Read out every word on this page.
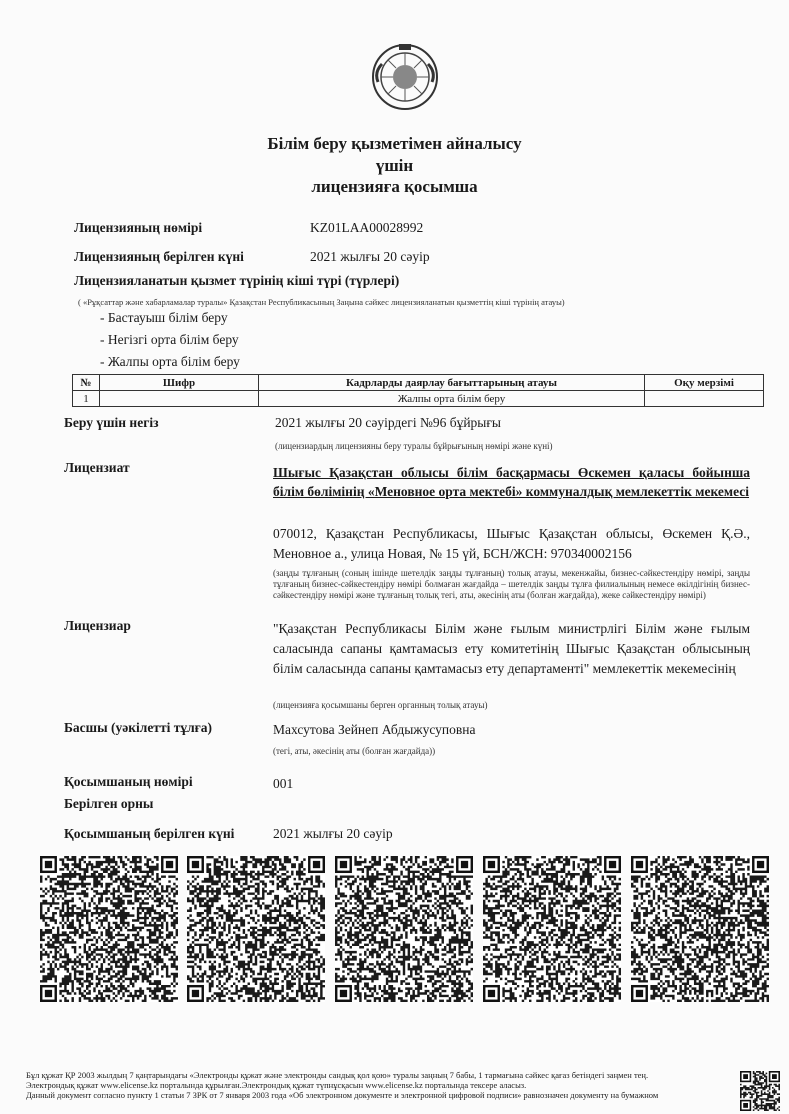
Білім беру қызметімен айналысу
үшін
лицензияға қосымша
Лицензияның нөмірі	KZ01LAA00028992
Лицензияның берілген күні	2021 жылғы 20 сәуір
Лицензияланатын қызмет түрінің кіші түрі (түрлері)
( «Рұқсаттар және хабарламалар туралы» Қазақстан Республикасының Заңына сәйкес лицензияланатын қызметтің кіші түрінің атауы)
- Бастауыш білім беру
- Негізгі орта білім беру
- Жалпы орта білім беру
№	Шифр	Кадрларды даярлау бағыттарының атауы	Оқу мерзімі
1		Жалпы орта білім беру	
Беру үшін негіз	2021 жылғы 20 сәуірдегі №96 бұйрығы
(лицензиардың лицензияны беру туралы бұйрығының нөмірі және күні)
Лицензиат	Шығыс Қазақстан облысы білім басқармасы Өскемен қаласы бойынша білім бөлімінің «Меновное орта мектебі» коммуналдық мемлекеттік мекемесі
070012, Қазақстан Республикасы, Шығыс Қазақстан облысы, Өскемен Қ.Ә., Меновное а., улица Новая, № 15 үй, БСН/ЖСН: 970340002156
(заңды тұлғаның (соның ішінде шетелдік заңды тұлғаның) толық атауы, мекенжайы, бизнес-сәйкестендіру нөмірі, заңды тұлғаның бизнес-сәйкестендіру нөмірі болмаған жағдайда – шетелдік заңды тұлға филиалының немесе өкілдігінің бизнес-сәйкестендіру нөмірі және тұлғаның толық тегі, аты, әкесінің аты (болған жағдайда), жеке сәйкестендіру нөмірі)
Лицензиар	"Қазақстан Республикасы Білім және ғылым министрлігі Білім және ғылым саласында сапаны қамтамасыз ету комитетінің Шығыс Қазақстан облысының білім саласында сапаны қамтамасыз ету департаменті" мемлекеттік мекемесінің
(лицензияға қосымшаны берген органның толық атауы)
Басшы (уәкілетті тұлға)	Махсутова Зейнеп Абдыжусуповна
(тегі, аты, әкесінің аты (болған жағдайда))
Қосымшаның нөмірі	001
Берілген орны
Қосымшаның берілген күні	2021 жылғы 20 сәуір
Бұл құжат ҚР 2003 жылдың 7 қаңтарындағы «Электронды құжат және электронды сандық қол қою» туралы заңның 7 бабы, 1 тармағына сәйкес қағаз бетіндегі заңмен тең.
Электрондық құжат www.elicense.kz порталында құрылған.Электрондық құжат түпнұсқасын www.elicense.kz порталында тексере аласыз.
Данный документ согласно пункту 1 статьи 7 ЗРК от 7 января 2003 года «Об электронном документе и электронной цифровой подписи» равнозначен документу на бумажном
